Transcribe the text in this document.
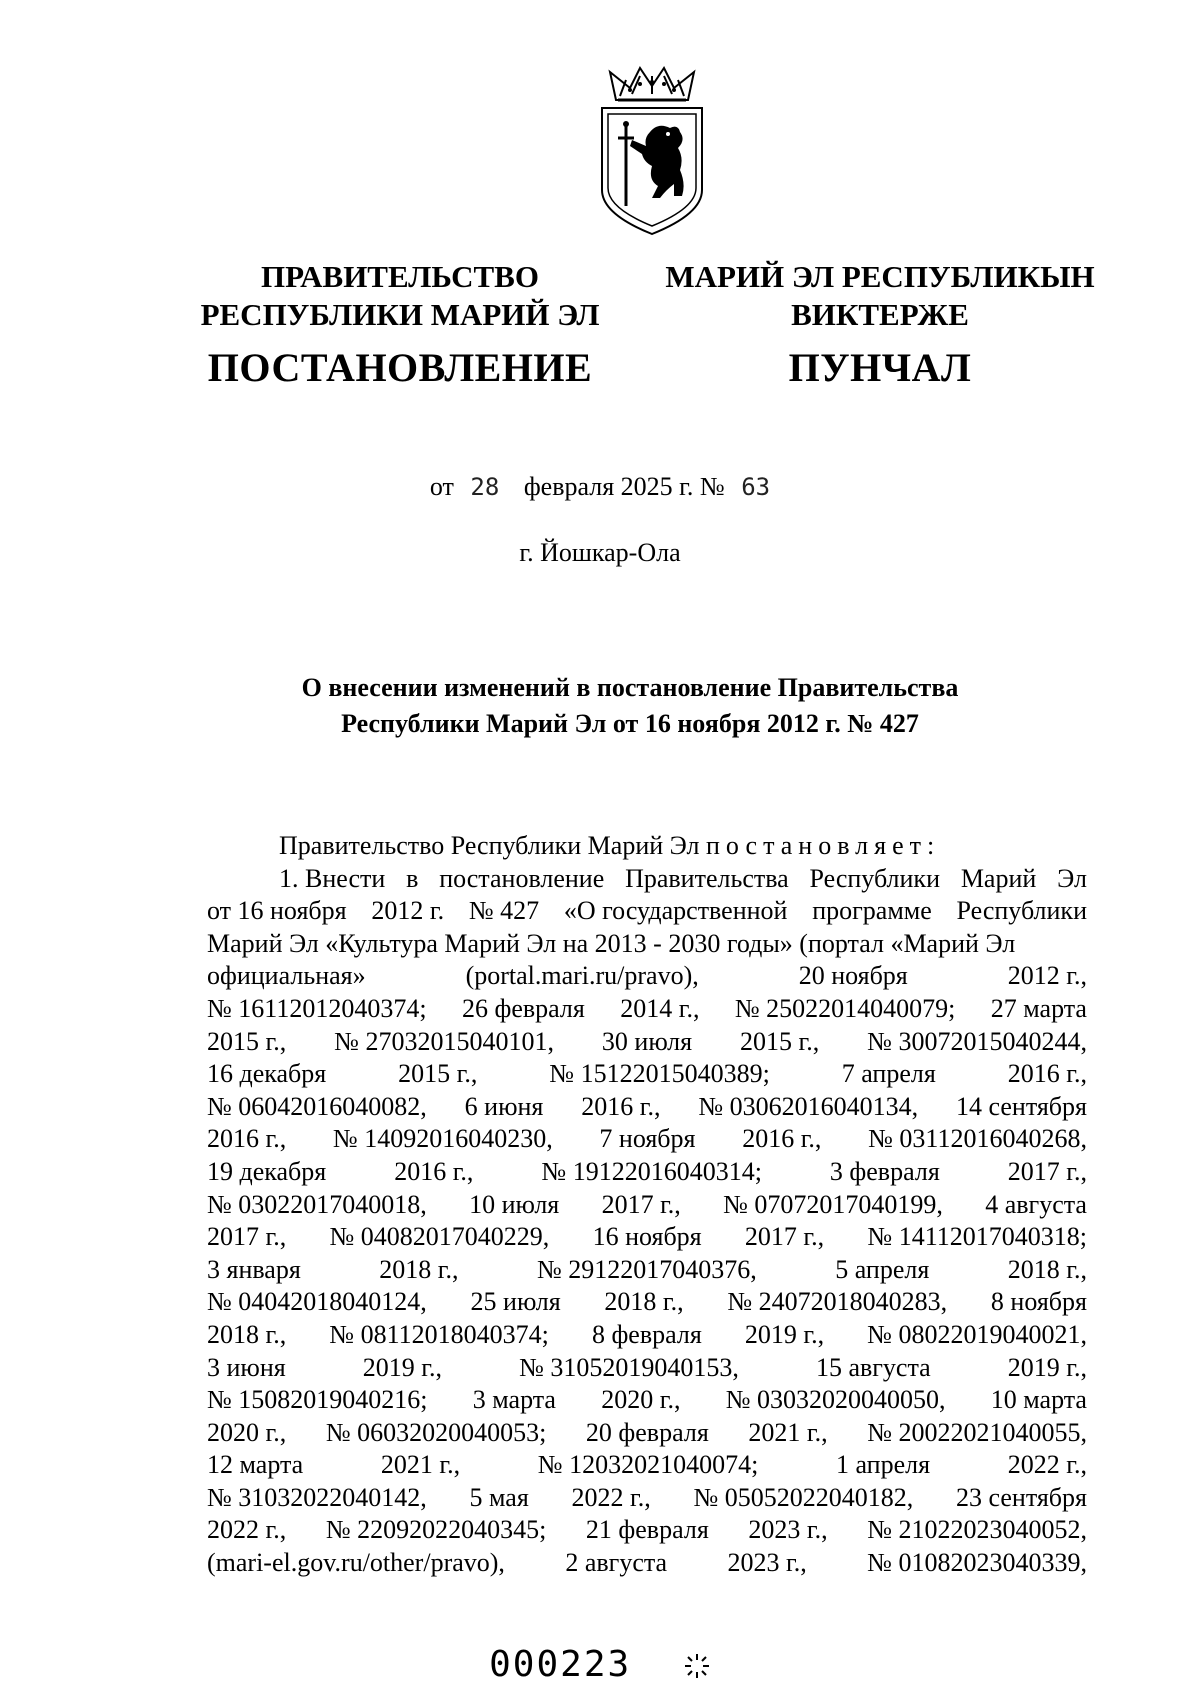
ПРАВИТЕЛЬСТВО
РЕСПУБЛИКИ МАРИЙ ЭЛ
ПОСТАНОВЛЕНИЕ
МАРИЙ ЭЛ РЕСПУБЛИКЫН
ВИКТЕРЖЕ
ПУНЧАЛ
от 28 февраля 2025 г. № 63
г. Йошкар-Ола
О внесении изменений в постановление Правительства
Республики Марий Эл от 16 ноября 2012 г. № 427
Правительство Республики Марий Эл
постановляет:
1. Внести в постановление Правительства Республики Марий Эл
от 16 ноября 2012 г. № 427 «О государственной программе Республики
Марий Эл «Культура Марий Эл на 2013 - 2030 годы» (портал «Марий Эл
официальная»	(portal.mari.ru/pravo),	20 ноября	2012 г.,
№ 16112012040374; 26 февраля 2014 г., № 25022014040079; 27 марта
2015 г., № 27032015040101, 30 июля 2015 г., № 30072015040244,
16 декабря	2015 г.,	№ 15122015040389;	7 апреля	2016 г.,
№ 06042016040082, 6 июня 2016 г., № 03062016040134, 14 сентября
2016 г., № 14092016040230, 7 ноября 2016 г., № 03112016040268,
19 декабря	2016 г.,	№ 19122016040314;	3 февраля	2017 г.,
№ 03022017040018, 10 июля 2017 г., № 07072017040199, 4 августа
2017 г., № 04082017040229, 16 ноября 2017 г., № 14112017040318;
3 января	2018 г.,	№ 29122017040376,	5 апреля	2018 г.,
№ 04042018040124, 25 июля 2018 г., № 24072018040283, 8 ноября
2018 г., № 08112018040374; 8 февраля 2019 г., № 08022019040021,
3 июня	2019 г.,	№ 31052019040153,	15 августа	2019 г.,
№ 15082019040216; 3 марта 2020 г., № 03032020040050, 10 марта
2020 г., № 06032020040053; 20 февраля 2021 г., № 20022021040055,
12 марта	2021 г.,	№ 12032021040074;	1 апреля	2022 г.,
№ 31032022040142, 5 мая 2022 г., № 05052022040182, 23 сентября
2022 г., № 22092022040345; 21 февраля 2023 г., № 21022023040052,
(mari-el.gov.ru/other/pravo), 2 августа 2023 г., № 01082023040339,
000223
